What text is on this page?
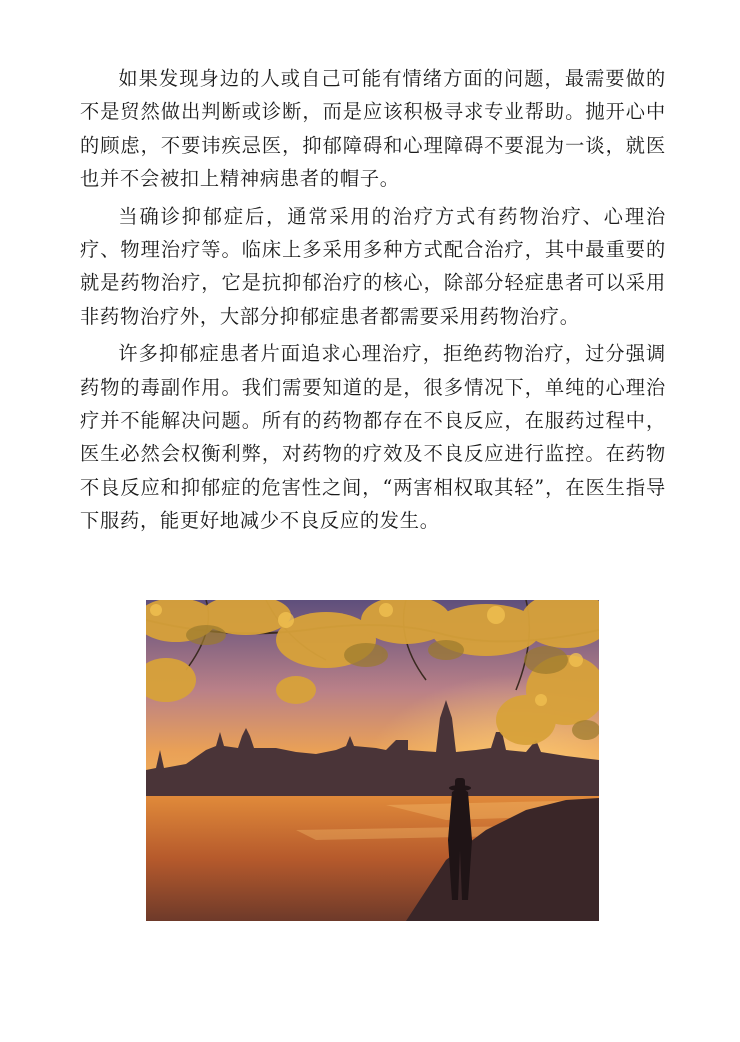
如果发现身边的人或自己可能有情绪方面的问题，最需要做的不是贸然做出判断或诊断，而是应该积极寻求专业帮助。抛开心中的顾虑，不要讳疾忌医，抑郁障碍和心理障碍不要混为一谈，就医也并不会被扣上精神病患者的帽子。

当确诊抑郁症后，通常采用的治疗方式有药物治疗、心理治疗、物理治疗等。临床上多采用多种方式配合治疗，其中最重要的就是药物治疗，它是抗抑郁治疗的核心，除部分轻症患者可以采用非药物治疗外，大部分抑郁症患者都需要采用药物治疗。

许多抑郁症患者片面追求心理治疗，拒绝药物治疗，过分强调药物的毒副作用。我们需要知道的是，很多情况下，单纯的心理治疗并不能解决问题。所有的药物都存在不良反应，在服药过程中，医生必然会权衡利弊，对药物的疗效及不良反应进行监控。在药物不良反应和抑郁症的危害性之间，“两害相权取其轻”，在医生指导下服药，能更好地减少不良反应的发生。
